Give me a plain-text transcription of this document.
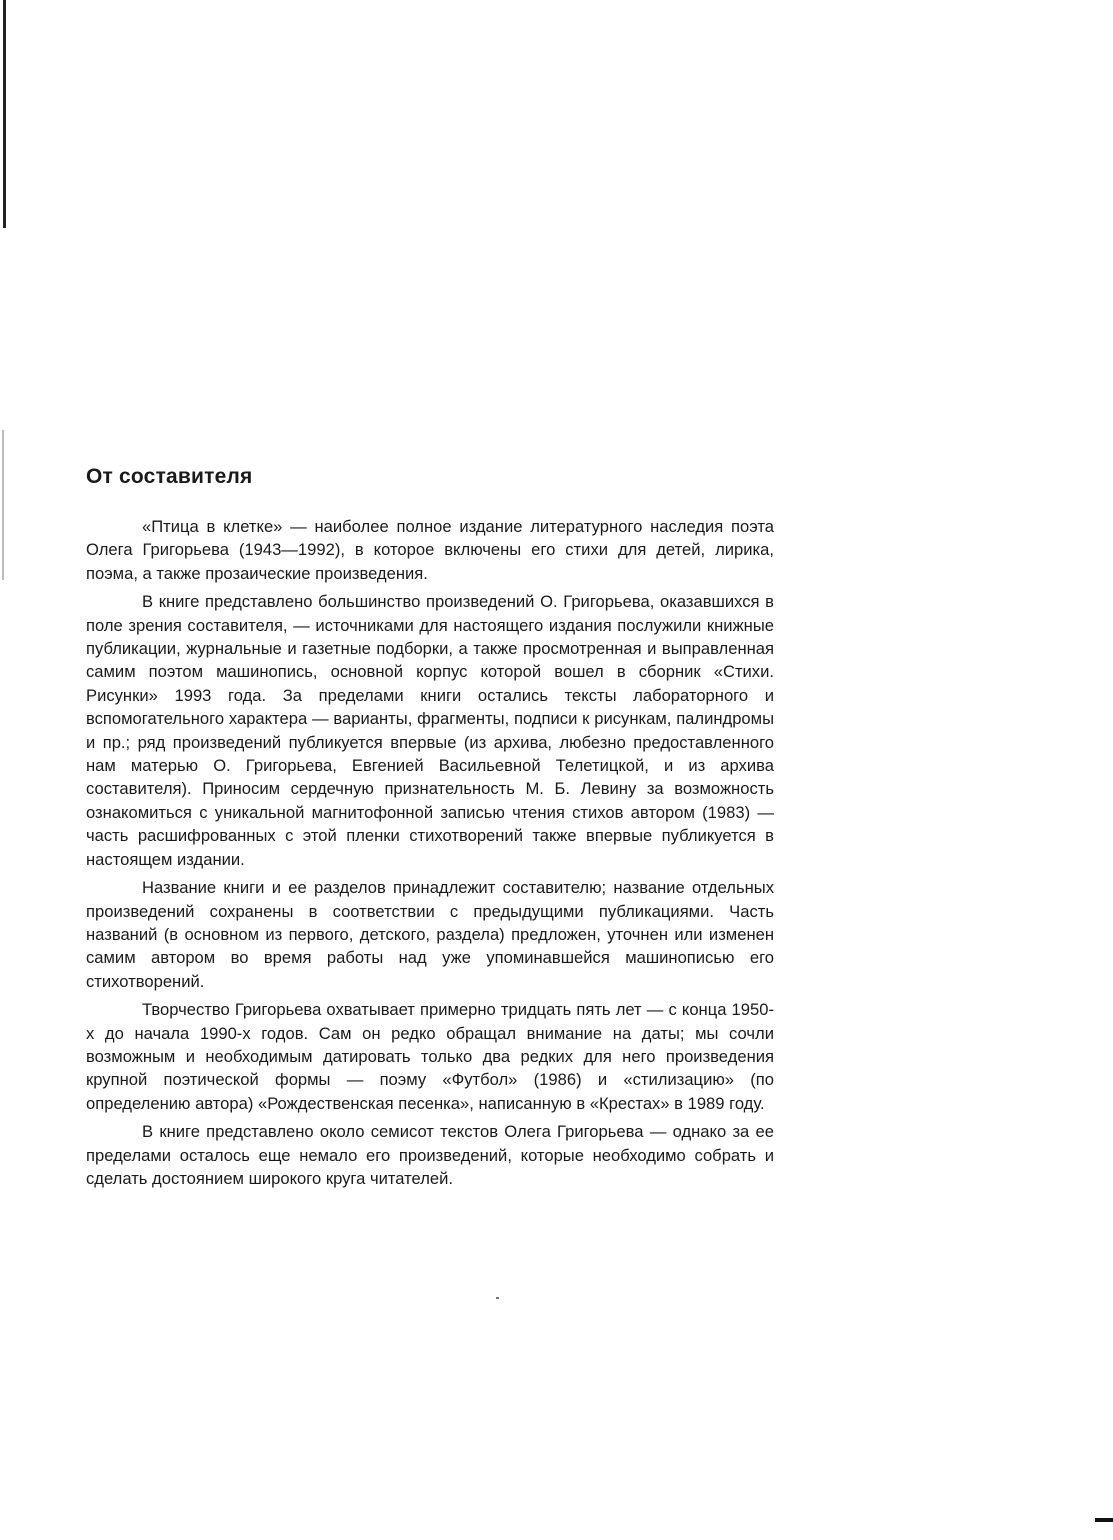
От составителя

«Птица в клетке» — наиболее полное издание литературного наследия поэта Олега Григорьева (1943—1992), в которое включены его стихи для детей, лирика, поэма, а также прозаические произведения.

В книге представлено большинство произведений О. Григорьева, оказавшихся в поле зрения составителя, — источниками для настоящего издания послужили книжные публикации, журнальные и газетные подборки, а также просмотренная и выправленная самим поэтом машинопись, основной корпус которой вошел в сборник «Стихи. Рисунки» 1993 года. За пределами книги остались тексты лабораторного и вспомогательного характера — варианты, фрагменты, подписи к рисункам, палиндромы и пр.; ряд произведений публикуется впервые (из архива, любезно предоставленного нам матерью О. Григорьева, Евгенией Васильевной Телетицкой, и из архива составителя). Приносим сердечную признательность М. Б. Левину за возможность ознакомиться с уникальной магнитофонной записью чтения стихов автором (1983) — часть расшифрованных с этой пленки стихотворений также впервые публикуется в настоящем издании.

Название книги и ее разделов принадлежит составителю; название отдельных произведений сохранены в соответствии с предыдущими публикациями. Часть названий (в основном из первого, детского, раздела) предложен, уточнен или изменен самим автором во время работы над уже упоминавшейся машинописью его стихотворений.

Творчество Григорьева охватывает примерно тридцать пять лет — с конца 1950-х до начала 1990-х годов. Сам он редко обращал внимание на даты; мы сочли возможным и необходимым датировать только два редких для него произведения крупной поэтической формы — поэму «Футбол» (1986) и «стилизацию» (по определению автора) «Рождественская песенка», написанную в «Крестах» в 1989 году.

В книге представлено около семисот текстов Олега Григорьева — однако за ее пределами осталось еще немало его произведений, которые необходимо собрать и сделать достоянием широкого круга читателей.
